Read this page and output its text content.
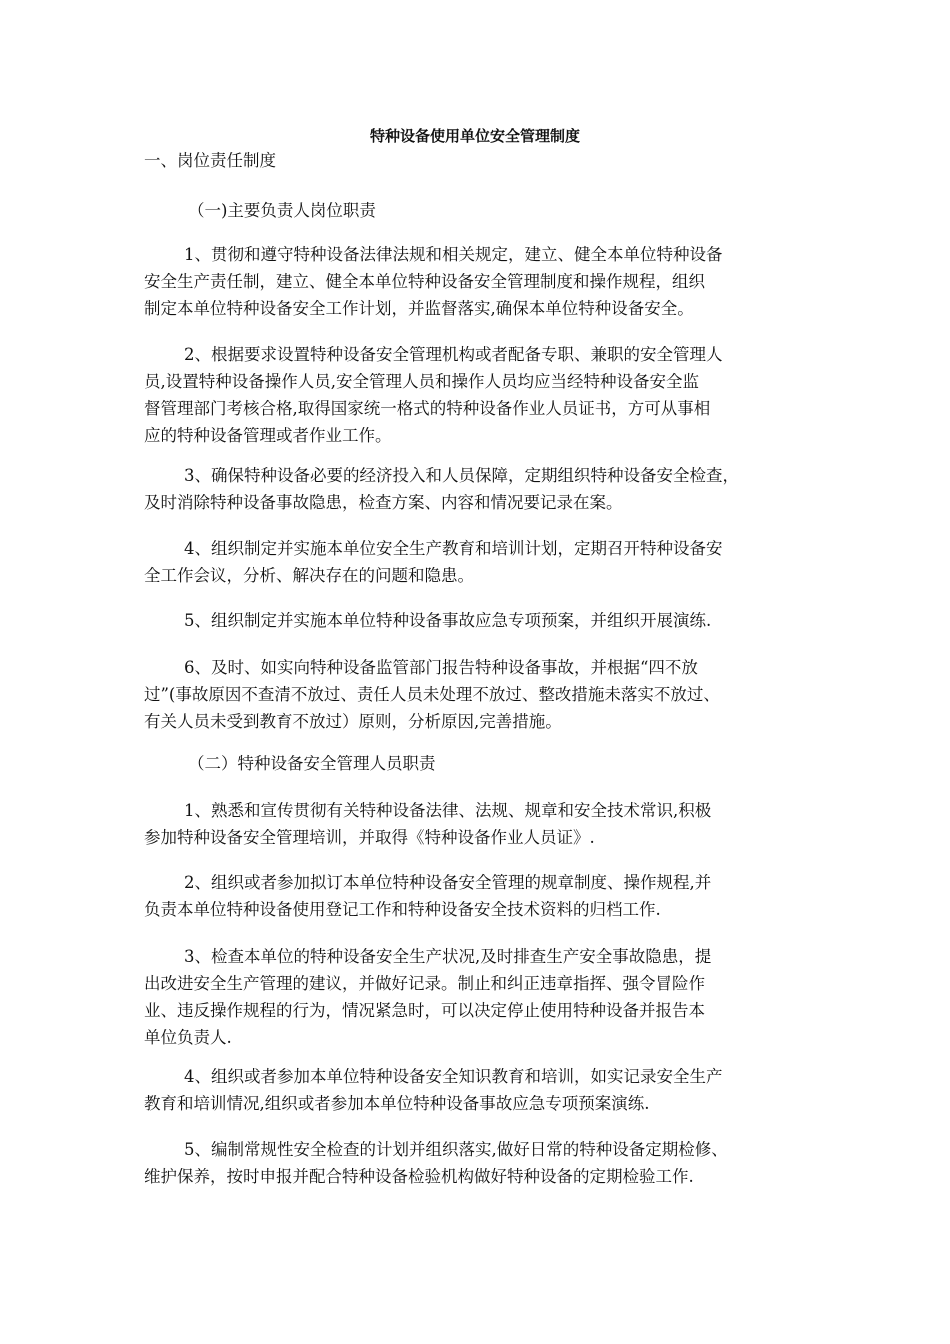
特种设备使用单位安全管理制度
一、岗位责任制度
（一)主要负责人岗位职责
1、贯彻和遵守特种设备法律法规和相关规定，建立、健全本单位特种设备
安全生产责任制，建立、健全本单位特种设备安全管理制度和操作规程，组织
制定本单位特种设备安全工作计划，并监督落实,确保本单位特种设备安全。
2、根据要求设置特种设备安全管理机构或者配备专职、兼职的安全管理人
员,设置特种设备操作人员,安全管理人员和操作人员均应当经特种设备安全监
督管理部门考核合格,取得国家统一格式的特种设备作业人员证书，方可从事相
应的特种设备管理或者作业工作。
3、确保特种设备必要的经济投入和人员保障，定期组织特种设备安全检查，
及时消除特种设备事故隐患，检查方案、内容和情况要记录在案。
4、组织制定并实施本单位安全生产教育和培训计划，定期召开特种设备安
全工作会议，分析、解决存在的问题和隐患。
5、组织制定并实施本单位特种设备事故应急专项预案，并组织开展演练.
6、及时、如实向特种设备监管部门报告特种设备事故，并根据“四不放
过”(事故原因不查清不放过、责任人员未处理不放过、整改措施未落实不放过、
有关人员未受到教育不放过）原则，分析原因,完善措施。
（二）特种设备安全管理人员职责
1、熟悉和宣传贯彻有关特种设备法律、法规、规章和安全技术常识,积极
参加特种设备安全管理培训，并取得《特种设备作业人员证》.
2、组织或者参加拟订本单位特种设备安全管理的规章制度、操作规程,并
负责本单位特种设备使用登记工作和特种设备安全技术资料的归档工作.
3、检查本单位的特种设备安全生产状况,及时排查生产安全事故隐患，提
出改进安全生产管理的建议，并做好记录。制止和纠正违章指挥、强令冒险作
业、违反操作规程的行为，情况紧急时，可以决定停止使用特种设备并报告本
单位负责人.
4、组织或者参加本单位特种设备安全知识教育和培训，如实记录安全生产
教育和培训情况,组织或者参加本单位特种设备事故应急专项预案演练.
5、编制常规性安全检查的计划并组织落实,做好日常的特种设备定期检修、
维护保养，按时申报并配合特种设备检验机构做好特种设备的定期检验工作.
